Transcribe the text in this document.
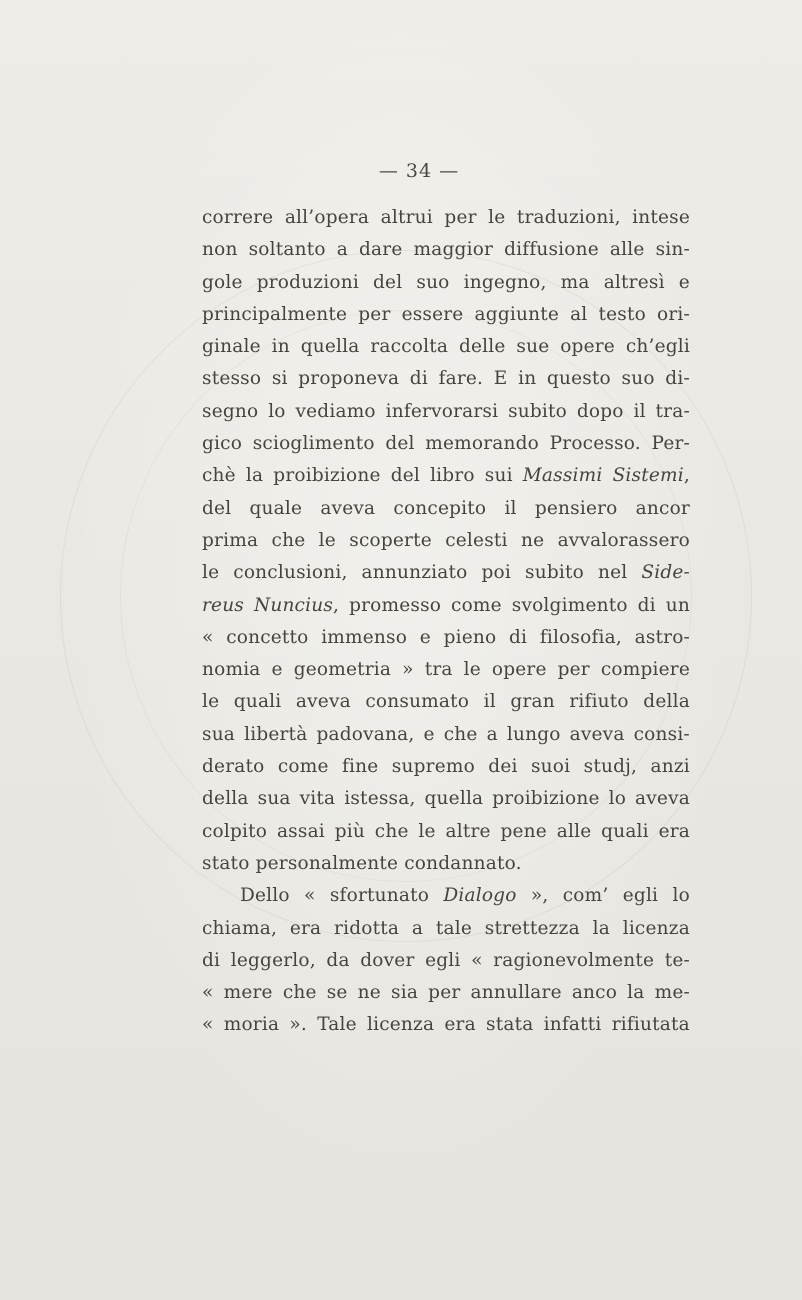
— 34 —
correre all’opera altrui per le traduzioni, intese
non soltanto a dare maggior diffusione alle sin-
gole produzioni del suo ingegno, ma altresì e
principalmente per essere aggiunte al testo ori-
ginale in quella raccolta delle sue opere ch’egli
stesso si proponeva di fare. E in questo suo di-
segno lo vediamo infervorarsi subito dopo il tra-
gico scioglimento del memorando Processo. Per-
chè la proibizione del libro sui Massimi Sistemi,
del quale aveva concepito il pensiero ancor
prima che le scoperte celesti ne avvalorassero
le conclusioni, annunziato poi subito nel Side-
reus Nuncius, promesso come svolgimento di un
« concetto immenso e pieno di filosofia, astro-
nomia e geometria » tra le opere per compiere
le quali aveva consumato il gran rifiuto della
sua libertà padovana, e che a lungo aveva consi-
derato come fine supremo dei suoi studj, anzi
della sua vita istessa, quella proibizione lo aveva
colpito assai più che le altre pene alle quali era
stato personalmente condannato.
Dello « sfortunato Dialogo », com’ egli lo
chiama, era ridotta a tale strettezza la licenza
di leggerlo, da dover egli « ragionevolmente te-
« mere che se ne sia per annullare anco la me-
« moria ». Tale licenza era stata infatti rifiutata
